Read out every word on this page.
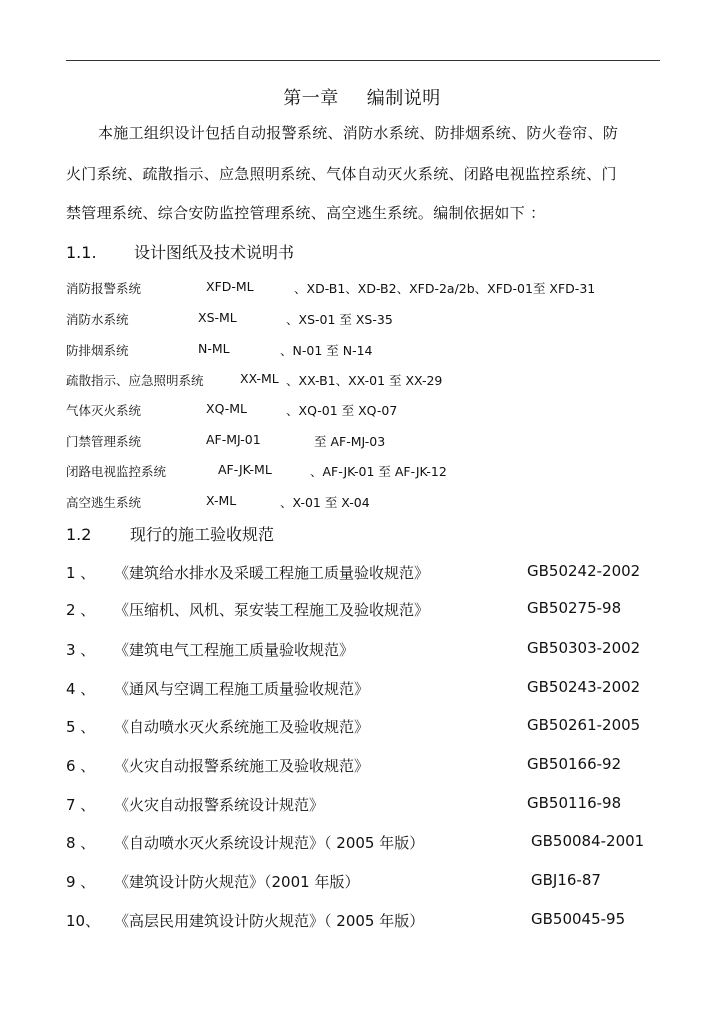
第一章 编制说明
本施工组织设计包括自动报警系统、消防水系统、防排烟系统、防火卷帘、防
火门系统、疏散指示、应急照明系统、气体自动灭火系统、闭路电视监控系统、门
禁管理系统、综合安防监控管理系统、高空逃生系统。编制依据如下 ：
1.1. 设计图纸及技术说明书
消防报警系统	XFD-ML	、XD-B1、XD-B2、XFD-2a/2b、XFD-01至 XFD-31
消防水系统	XS-ML	、XS-01 至 XS-35
防排烟系统	N-ML	、N-01 至 N-14
疏散指示、应急照明系统	XX-ML 、XX-B1、XX-01 至 XX-29
气体灭火系统	XQ-ML	、XQ-01 至 XQ-07
门禁管理系统	AF-MJ-01	至 AF-MJ-03
闭路电视监控系统	AF-JK-ML	、AF-JK-01 至 AF-JK-12
高空逃生系统	X-ML	、X-01 至 X-04
1.2 现行的施工验收规范
1 、 《建筑给水排水及采暖工程施工质量验收规范》	GB50242-2002
2 、 《压缩机、风机、泵安装工程施工及验收规范》	GB50275-98
3 、 《建筑电气工程施工质量验收规范》	GB50303-2002
4 、 《通风与空调工程施工质量验收规范》	GB50243-2002
5 、 《自动喷水灭火系统施工及验收规范》	GB50261-2005
6 、 《火灾自动报警系统施工及验收规范》	GB50166-92
7 、 《火灾自动报警系统设计规范》	GB50116-98
8 、 《自动喷水灭火系统设计规范》（ 2005 年版）	GB50084-2001
9 、 《建筑设计防火规范》（2001 年版）	GBJ16-87
10、 《高层民用建筑设计防火规范》（ 2005 年版）	GB50045-95
